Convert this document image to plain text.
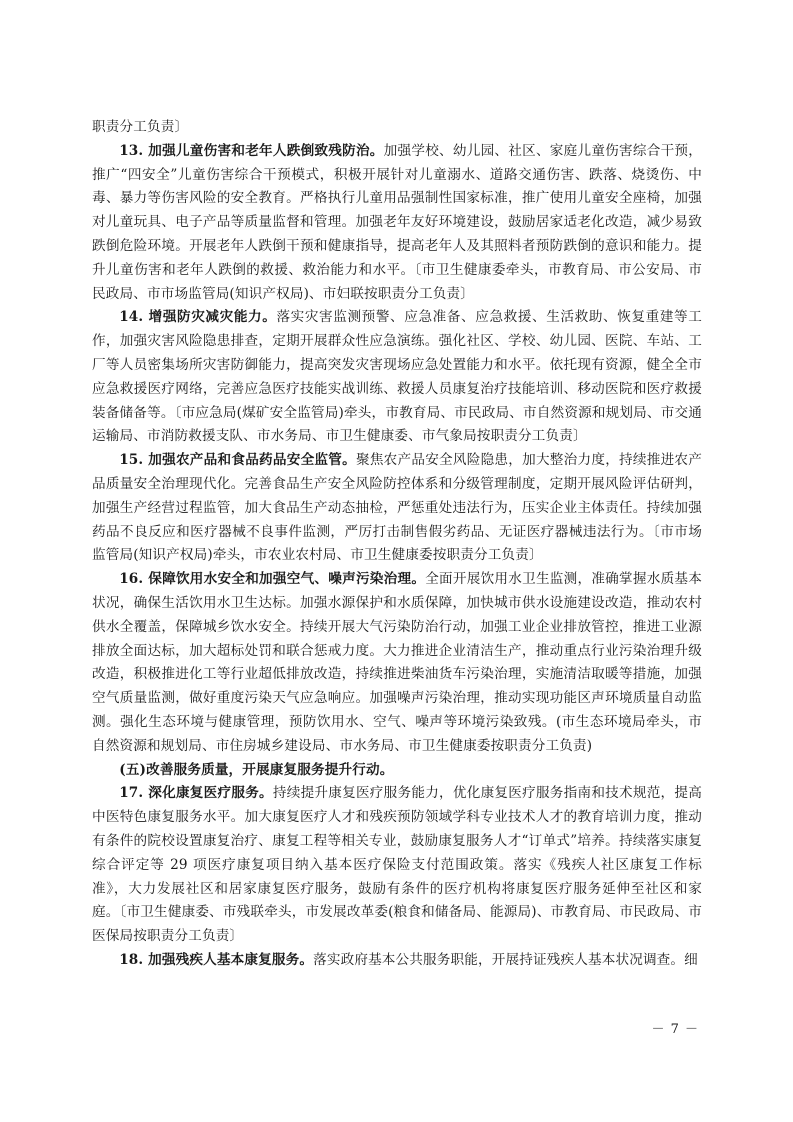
职责分工负责〕

13. 加强儿童伤害和老年人跌倒致残防治。加强学校、幼儿园、社区、家庭儿童伤害综合干预，推广“四安全”儿童伤害综合干预模式，积极开展针对儿童溺水、道路交通伤害、跌落、烧烫伤、中毒、暴力等伤害风险的安全教育。严格执行儿童用品强制性国家标准，推广使用儿童安全座椅，加强对儿童玩具、电子产品等质量监督和管理。加强老年友好环境建设，鼓励居家适老化改造，减少易致跌倒危险环境。开展老年人跌倒干预和健康指导，提高老年人及其照料者预防跌倒的意识和能力。提升儿童伤害和老年人跌倒的救援、救治能力和水平。〔市卫生健康委牵头，市教育局、市公安局、市民政局、市市场监管局(知识产权局)、市妇联按职责分工负责〕

14. 增强防灾减灾能力。落实灾害监测预警、应急准备、应急救援、生活救助、恢复重建等工作，加强灾害风险隐患排查，定期开展群众性应急演练。强化社区、学校、幼儿园、医院、车站、工厂等人员密集场所灾害防御能力，提高突发灾害现场应急处置能力和水平。依托现有资源，健全全市应急救援医疗网络，完善应急医疗技能实战训练、救援人员康复治疗技能培训、移动医院和医疗救援装备储备等。〔市应急局(煤矿安全监管局)牵头，市教育局、市民政局、市自然资源和规划局、市交通运输局、市消防救援支队、市水务局、市卫生健康委、市气象局按职责分工负责〕

15. 加强农产品和食品药品安全监管。聚焦农产品安全风险隐患，加大整治力度，持续推进农产品质量安全治理现代化。完善食品生产安全风险防控体系和分级管理制度，定期开展风险评估研判，加强生产经营过程监管，加大食品生产动态抽检，严惩重处违法行为，压实企业主体责任。持续加强药品不良反应和医疗器械不良事件监测，严厉打击制售假劣药品、无证医疗器械违法行为。〔市市场监管局(知识产权局)牵头，市农业农村局、市卫生健康委按职责分工负责〕

16. 保障饮用水安全和加强空气、噪声污染治理。全面开展饮用水卫生监测，准确掌握水质基本状况，确保生活饮用水卫生达标。加强水源保护和水质保障，加快城市供水设施建设改造，推动农村供水全覆盖，保障城乡饮水安全。持续开展大气污染防治行动，加强工业企业排放管控，推进工业源排放全面达标，加大超标处罚和联合惩戒力度。大力推进企业清洁生产，推动重点行业污染治理升级改造，积极推进化工等行业超低排放改造，持续推进柴油货车污染治理，实施清洁取暖等措施，加强空气质量监测，做好重度污染天气应急响应。加强噪声污染治理，推动实现功能区声环境质量自动监测。强化生态环境与健康管理，预防饮用水、空气、噪声等环境污染致残。(市生态环境局牵头，市自然资源和规划局、市住房城乡建设局、市水务局、市卫生健康委按职责分工负责)

(五)改善服务质量，开展康复服务提升行动。

17. 深化康复医疗服务。持续提升康复医疗服务能力，优化康复医疗服务指南和技术规范，提高中医特色康复服务水平。加大康复医疗人才和残疾预防领域学科专业技术人才的教育培训力度，推动有条件的院校设置康复治疗、康复工程等相关专业，鼓励康复服务人才“订单式”培养。持续落实康复综合评定等 29 项医疗康复项目纳入基本医疗保险支付范围政策。落实《残疾人社区康复工作标准》，大力发展社区和居家康复医疗服务，鼓励有条件的医疗机构将康复医疗服务延伸至社区和家庭。〔市卫生健康委、市残联牵头，市发展改革委(粮食和储备局、能源局)、市教育局、市民政局、市医保局按职责分工负责〕

18. 加强残疾人基本康复服务。落实政府基本公共服务职能，开展持证残疾人基本状况调查。细

－ 7 －
